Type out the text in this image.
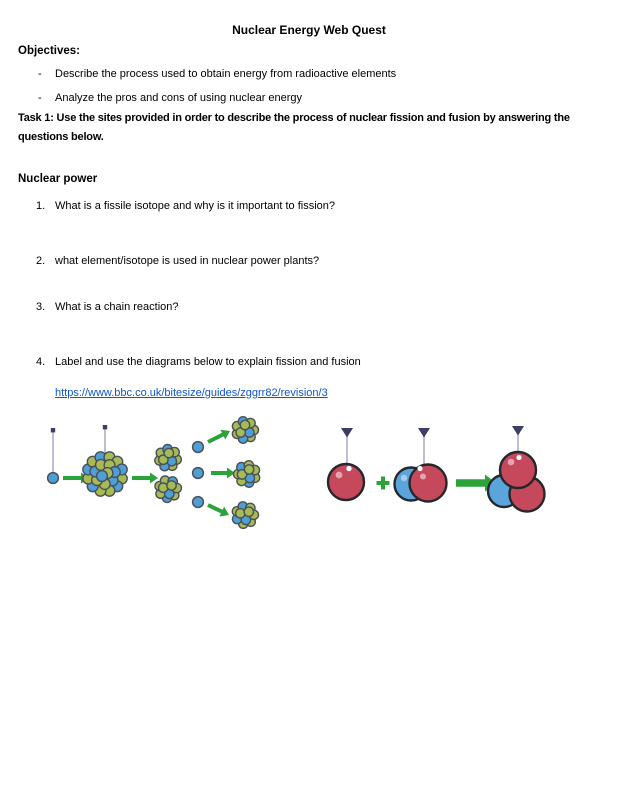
Nuclear Energy Web Quest
Objectives:
- Describe the process used to obtain energy from radioactive elements
- Analyze the pros and cons of using nuclear energy
Task 1: Use the sites provided in order to describe the process of nuclear fission and fusion by answering the questions below.
Nuclear power
1. What is a fissile isotope and why is it important to fission?
2. what element/isotope is used in nuclear power plants?
3. What is a chain reaction?
4. Label and use the diagrams below to explain fission and fusion
https://www.bbc.co.uk/bitesize/guides/zggrr82/revision/3
